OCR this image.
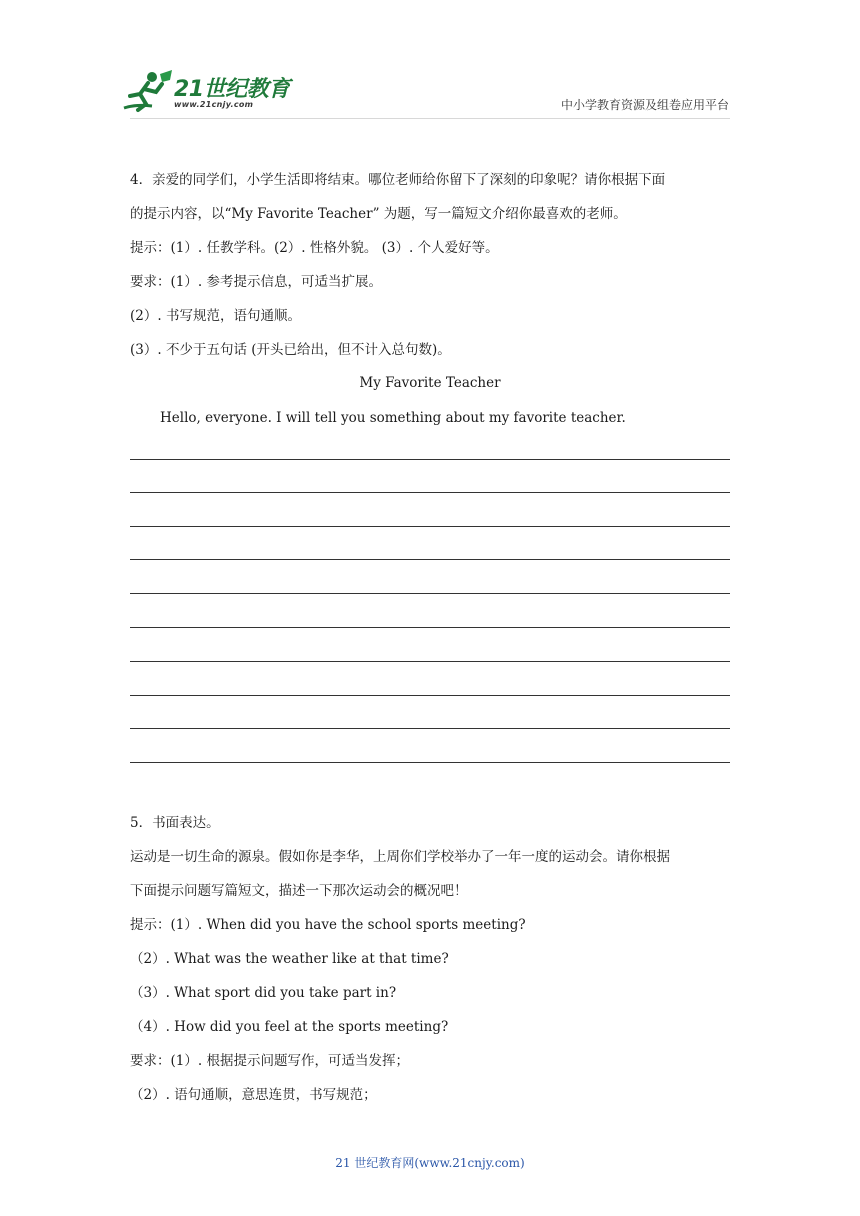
21世纪教育
www.21cnjy.com	中小学教育资源及组卷应用平台
4．亲爱的同学们，小学生活即将结束。哪位老师给你留下了深刻的印象呢？请你根据下面
的提示内容，以“My Favorite Teacher” 为题，写一篇短文介绍你最喜欢的老师。
提示：(1）. 任教学科。(2）. 性格外貌。 (3）. 个人爱好等。
要求：(1）. 参考提示信息，可适当扩展。
(2）. 书写规范，语句通顺。
(3）. 不少于五句话 (开头已给出，但不计入总句数)。
My Favorite Teacher
Hello, everyone. I will tell you something about my favorite teacher.
5．书面表达。
运动是一切生命的源泉。假如你是李华，上周你们学校举办了一年一度的运动会。请你根据
下面提示问题写篇短文，描述一下那次运动会的概况吧！
提示：(1）. When did you have the school sports meeting?
（2）. What was the weather like at that time?
（3）. What sport did you take part in?
（4）. How did you feel at the sports meeting?
要求：(1）. 根据提示问题写作，可适当发挥；
（2）. 语句通顺，意思连贯，书写规范；
21 世纪教育网(www.21cnjy.com)
